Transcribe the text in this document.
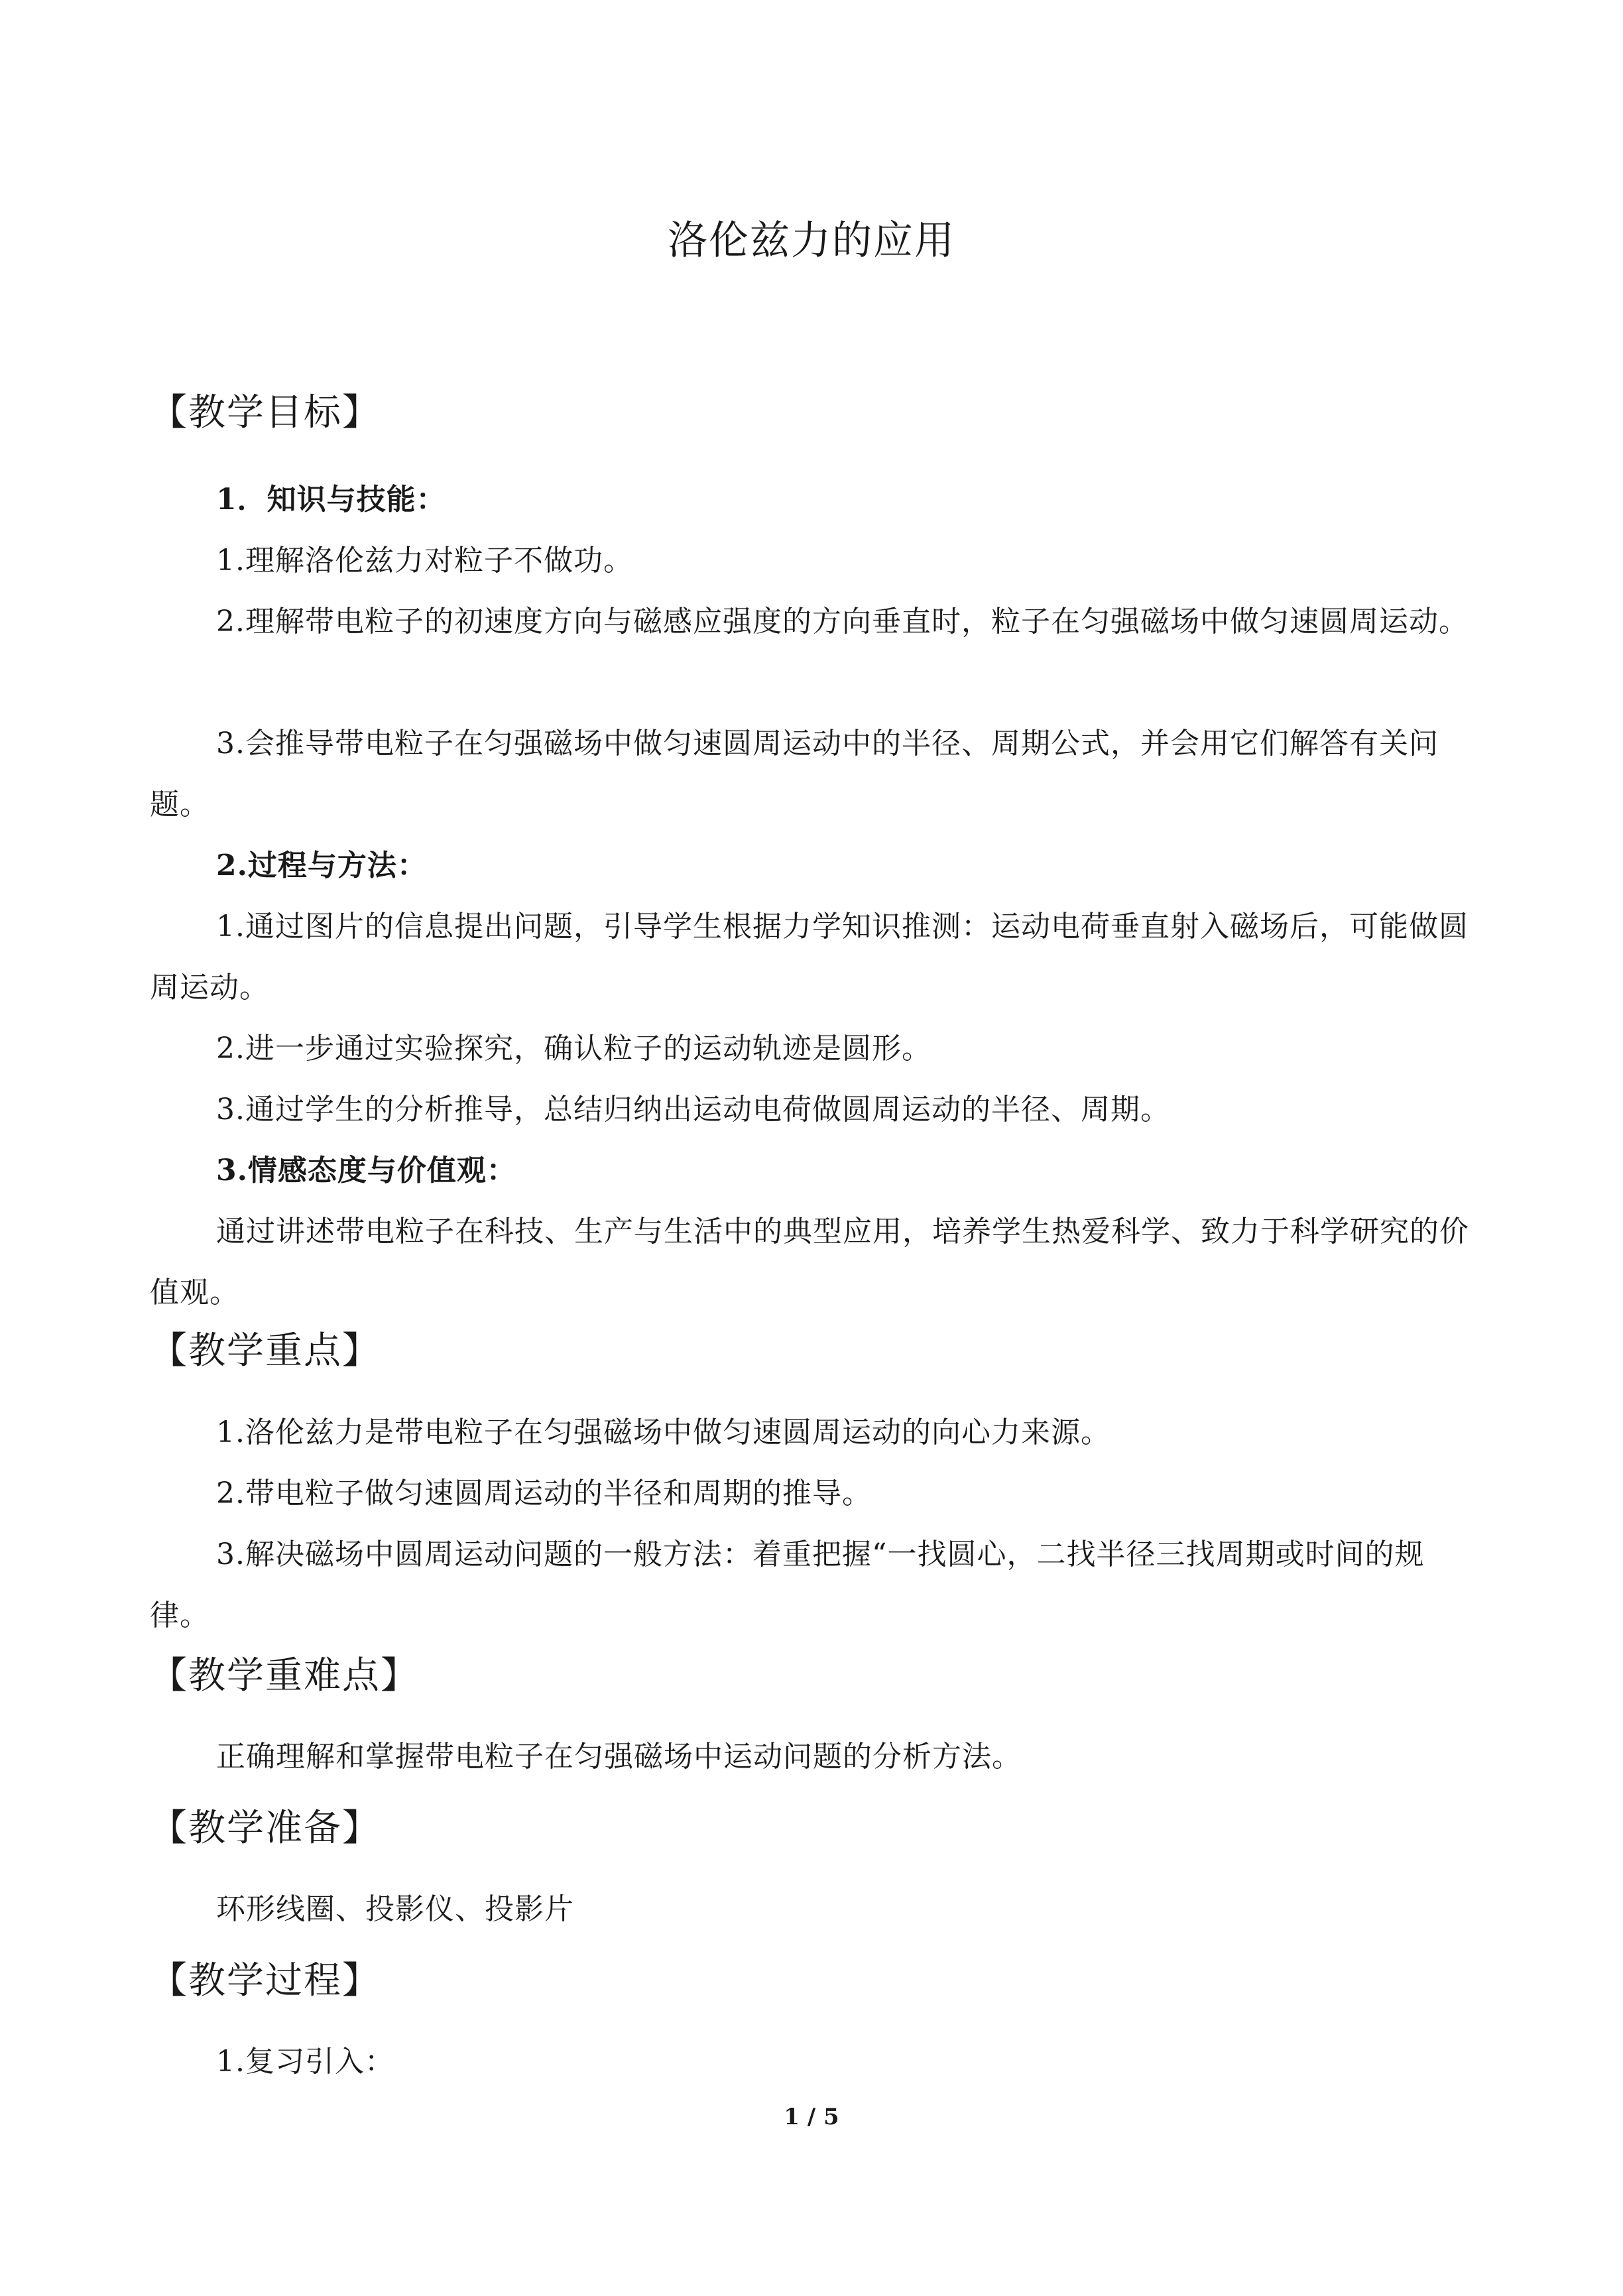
洛伦兹力的应用
【教学目标】

1．知识与技能：

1.理解洛伦兹力对粒子不做功。

2.理解带电粒子的初速度方向与磁感应强度的方向垂直时，粒子在匀强磁场中做匀速圆周运动。

3.会推导带电粒子在匀强磁场中做匀速圆周运动中的半径、周期公式，并会用它们解答有关问题。

2.过程与方法：

1.通过图片的信息提出问题，引导学生根据力学知识推测：运动电荷垂直射入磁场后，可能做圆周运动。

2.进一步通过实验探究，确认粒子的运动轨迹是圆形。

3.通过学生的分析推导，总结归纳出运动电荷做圆周运动的半径、周期。

3.情感态度与价值观：

通过讲述带电粒子在科技、生产与生活中的典型应用，培养学生热爱科学、致力于科学研究的价值观。

【教学重点】

1.洛伦兹力是带电粒子在匀强磁场中做匀速圆周运动的向心力来源。

2.带电粒子做匀速圆周运动的半径和周期的推导。

3.解决磁场中圆周运动问题的一般方法：着重把握“一找圆心，二找半径三找周期或时间的规律。

【教学重难点】

正确理解和掌握带电粒子在匀强磁场中运动问题的分析方法。

【教学准备】

环形线圈、投影仪、投影片

【教学过程】

1.复习引入：

1 / 5
